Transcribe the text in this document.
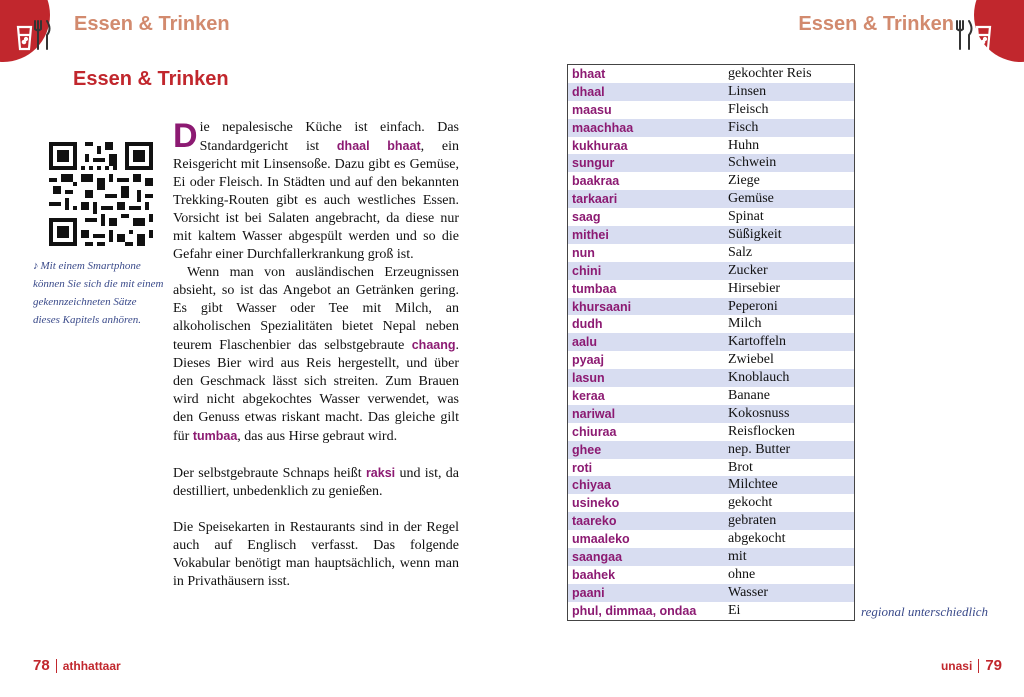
Essen & Trinken	Essen & Trinken
Essen & Trinken
♪ Mit einem Smartphone können Sie sich die mit einem gekennzeichneten Sätze dieses Kapitels anhören.

Die nepalesische Küche ist einfach. Das Standardgericht ist dhaal bhaat, ein Reisgericht mit Linsensoße. Dazu gibt es Gemüse, Ei oder Fleisch. In Städten und auf den bekannten Trekking-Routen gibt es auch westliches Essen. Vorsicht ist bei Salaten angebracht, da diese nur mit kaltem Wasser abgespült werden und so die Gefahr einer Durchfallerkrankung groß ist.

Wenn man von ausländischen Erzeugnissen absieht, so ist das Angebot an Getränken gering. Es gibt Wasser oder Tee mit Milch, an alkoholischen Spezialitäten bietet Nepal neben teurem Flaschenbier das selbstgebraute chaang. Dieses Bier wird aus Reis hergestellt, und über den Geschmack lässt sich streiten. Zum Brauen wird nicht abgekochtes Wasser verwendet, was den Genuss etwas riskant macht. Das gleiche gilt für tumbaa, das aus Hirse gebraut wird.

Der selbstgebraute Schnaps heißt raksi und ist, da destilliert, unbedenklich zu genießen.

Die Speisekarten in Restaurants sind in der Regel auch auf Englisch verfasst. Das folgende Vokabular benötigt man hauptsächlich, wenn man in Privathäusern isst.

bhaat	gekochter Reis
dhaal	Linsen
maasu	Fleisch
maachhaa	Fisch
kukhuraa	Huhn
sungur	Schwein
baakraa	Ziege
tarkaari	Gemüse
saag	Spinat
mithei	Süßigkeit
nun	Salz
chini	Zucker
tumbaa	Hirsebier
khursaani	Peperoni
dudh	Milch
aalu	Kartoffeln
pyaaj	Zwiebel
lasun	Knoblauch
keraa	Banane
nariwal	Kokosnuss
chiuraa	Reisflocken
ghee	nep. Butter
roti	Brot
chiyaa	Milchtee
usineko	gekocht
taareko	gebraten
umaaleko	abgekocht
saangaa	mit
baahek	ohne
paani	Wasser
phul, dimmaa, ondaa	Ei	regional unterschiedlich
78 athhattaar	unasi 79
